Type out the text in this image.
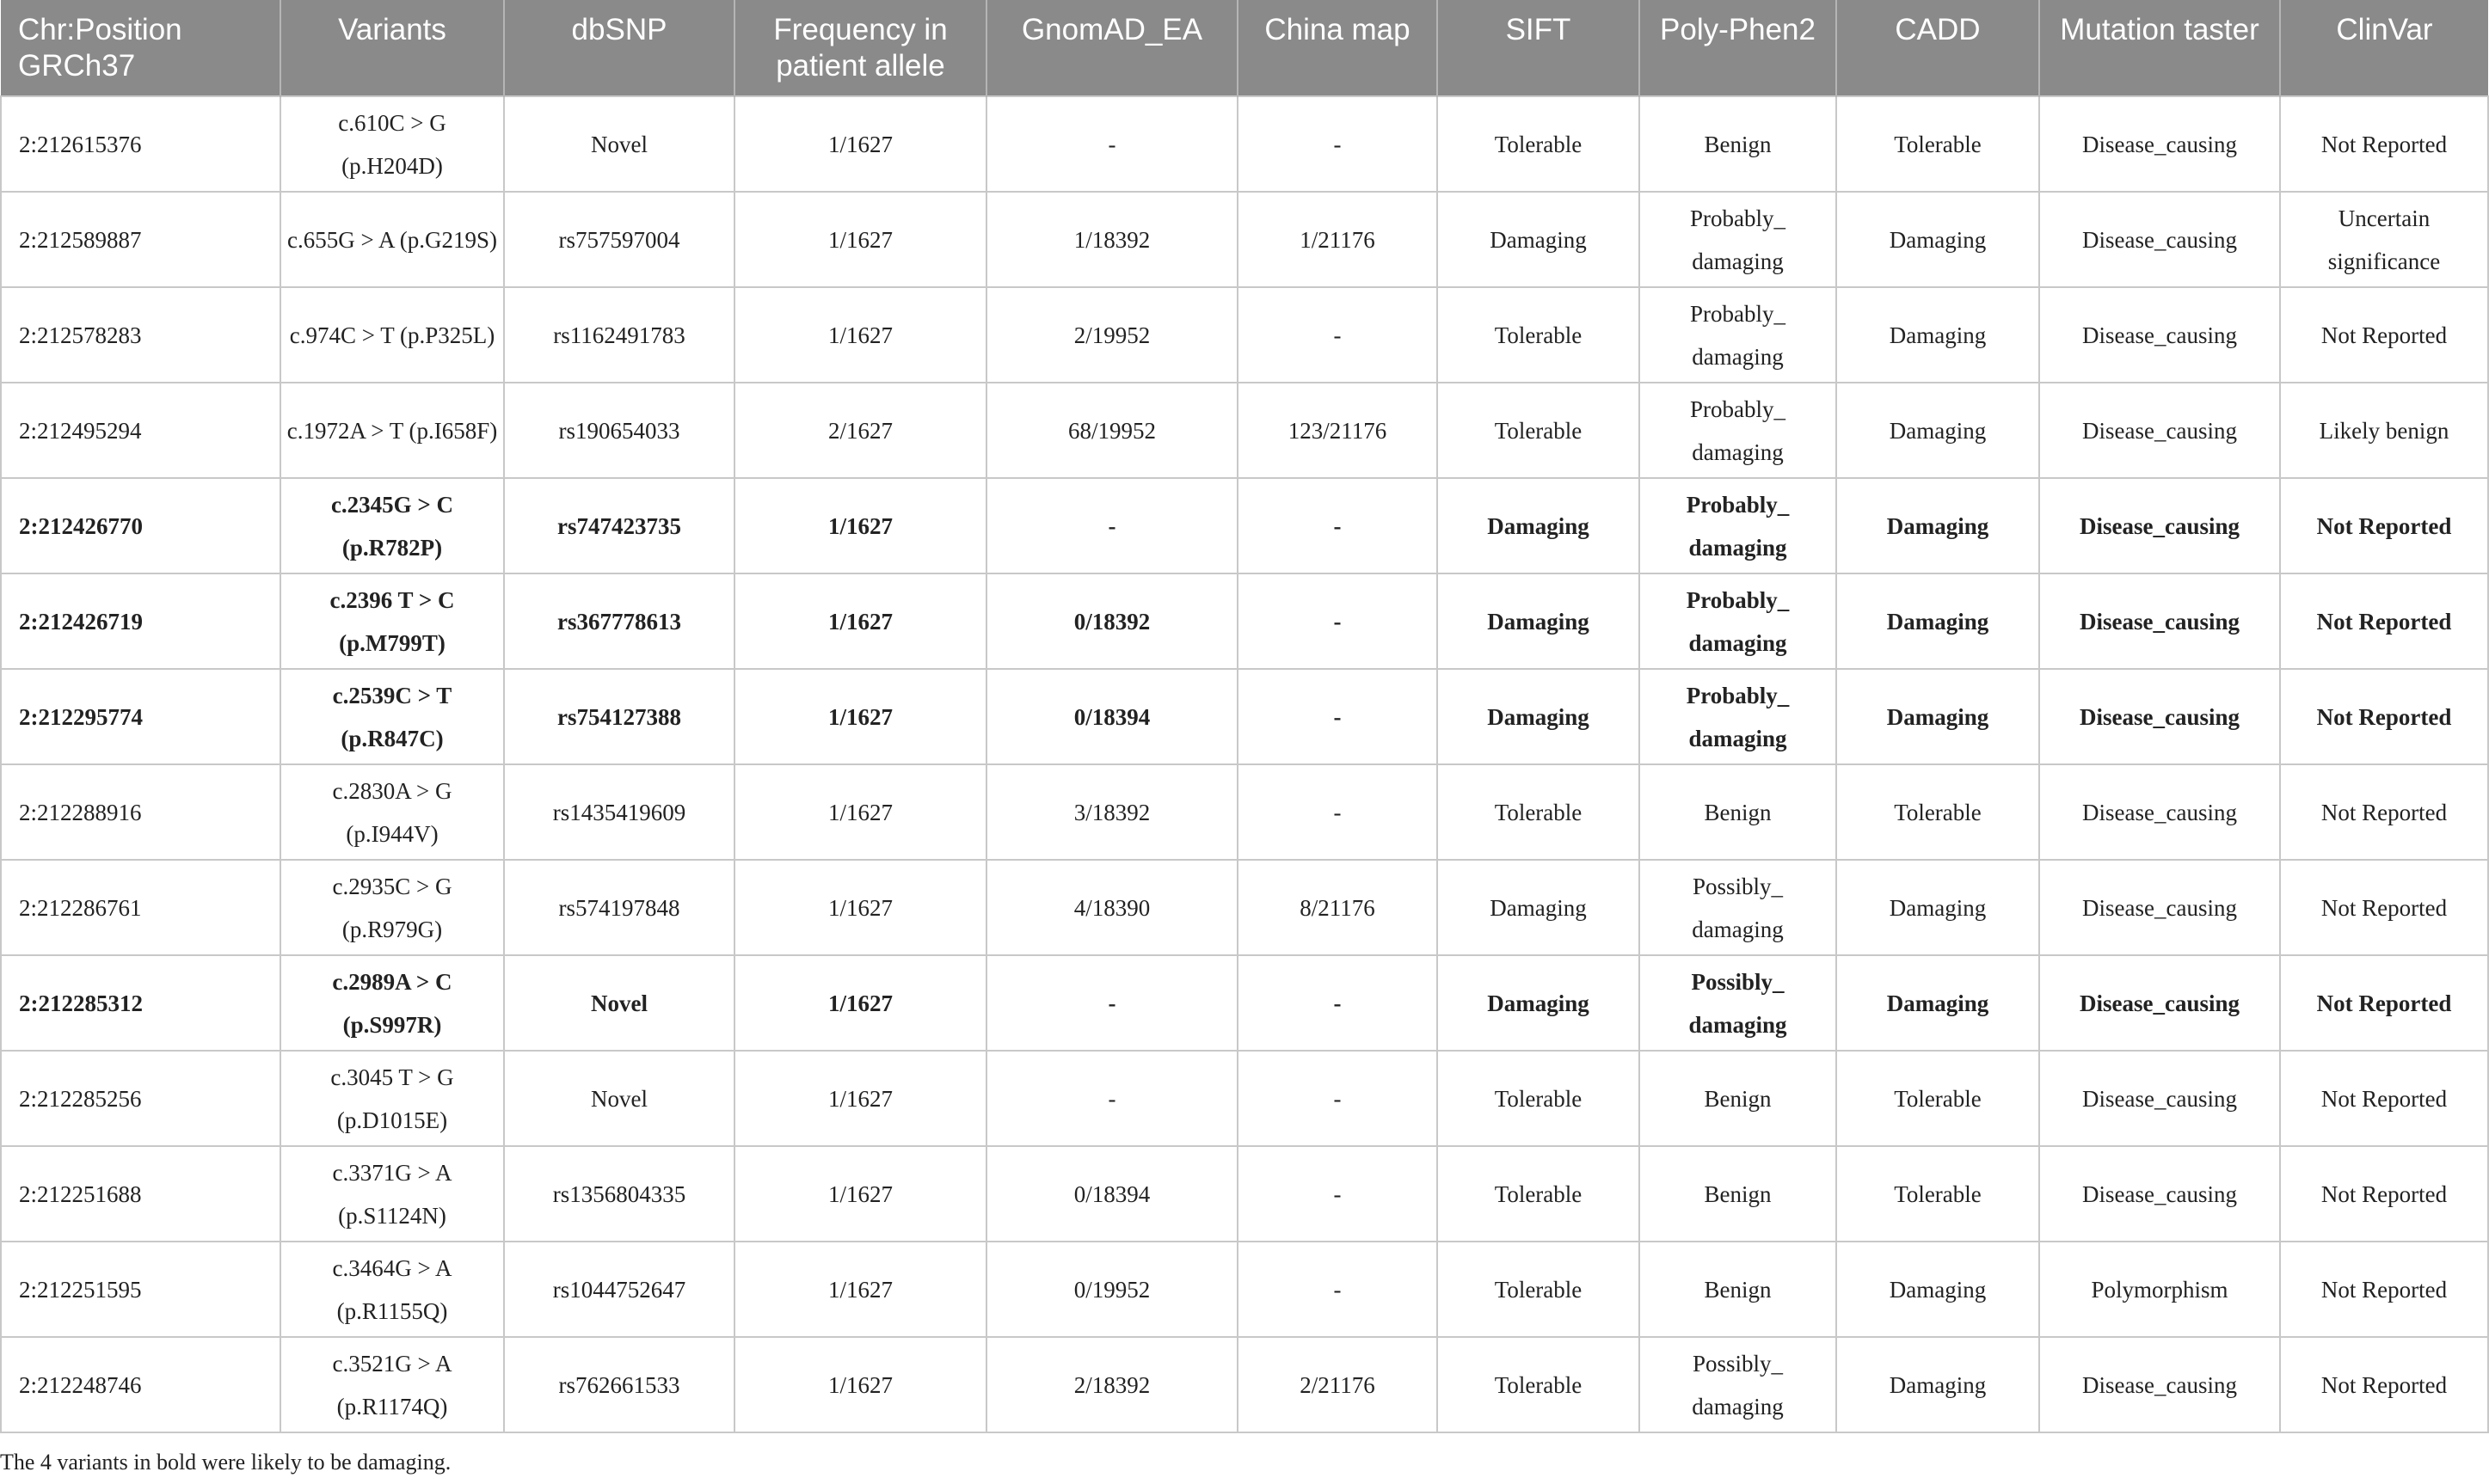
Chr:Position GRCh37	Variants	dbSNP	Frequency in patient allele	GnomAD_EA	China map	SIFT	Poly-Phen2	CADD	Mutation taster	ClinVar
2:212615376	c.610C > G (p.H204D)	Novel	1/1627	-	-	Tolerable	Benign	Tolerable	Disease_causing	Not Reported
2:212589887	c.655G > A (p.G219S)	rs757597004	1/1627	1/18392	1/21176	Damaging	Probably_ damaging	Damaging	Disease_causing	Uncertain significance
2:212578283	c.974C > T (p.P325L)	rs1162491783	1/1627	2/19952	-	Tolerable	Probably_ damaging	Damaging	Disease_causing	Not Reported
2:212495294	c.1972A > T (p.I658F)	rs190654033	2/1627	68/19952	123/21176	Tolerable	Probably_ damaging	Damaging	Disease_causing	Likely benign
2:212426770	c.2345G > C (p.R782P)	rs747423735	1/1627	-	-	Damaging	Probably_ damaging	Damaging	Disease_causing	Not Reported
2:212426719	c.2396 T > C (p.M799T)	rs367778613	1/1627	0/18392	-	Damaging	Probably_ damaging	Damaging	Disease_causing	Not Reported
2:212295774	c.2539C > T (p.R847C)	rs754127388	1/1627	0/18394	-	Damaging	Probably_ damaging	Damaging	Disease_causing	Not Reported
2:212288916	c.2830A > G (p.I944V)	rs1435419609	1/1627	3/18392	-	Tolerable	Benign	Tolerable	Disease_causing	Not Reported
2:212286761	c.2935C > G (p.R979G)	rs574197848	1/1627	4/18390	8/21176	Damaging	Possibly_ damaging	Damaging	Disease_causing	Not Reported
2:212285312	c.2989A > C (p.S997R)	Novel	1/1627	-	-	Damaging	Possibly_ damaging	Damaging	Disease_causing	Not Reported
2:212285256	c.3045 T > G (p.D1015E)	Novel	1/1627	-	-	Tolerable	Benign	Tolerable	Disease_causing	Not Reported
2:212251688	c.3371G > A (p.S1124N)	rs1356804335	1/1627	0/18394	-	Tolerable	Benign	Tolerable	Disease_causing	Not Reported
2:212251595	c.3464G > A (p.R1155Q)	rs1044752647	1/1627	0/19952	-	Tolerable	Benign	Damaging	Polymorphism	Not Reported
2:212248746	c.3521G > A (p.R1174Q)	rs762661533	1/1627	2/18392	2/21176	Tolerable	Possibly_ damaging	Damaging	Disease_causing	Not Reported
The 4 variants in bold were likely to be damaging.
